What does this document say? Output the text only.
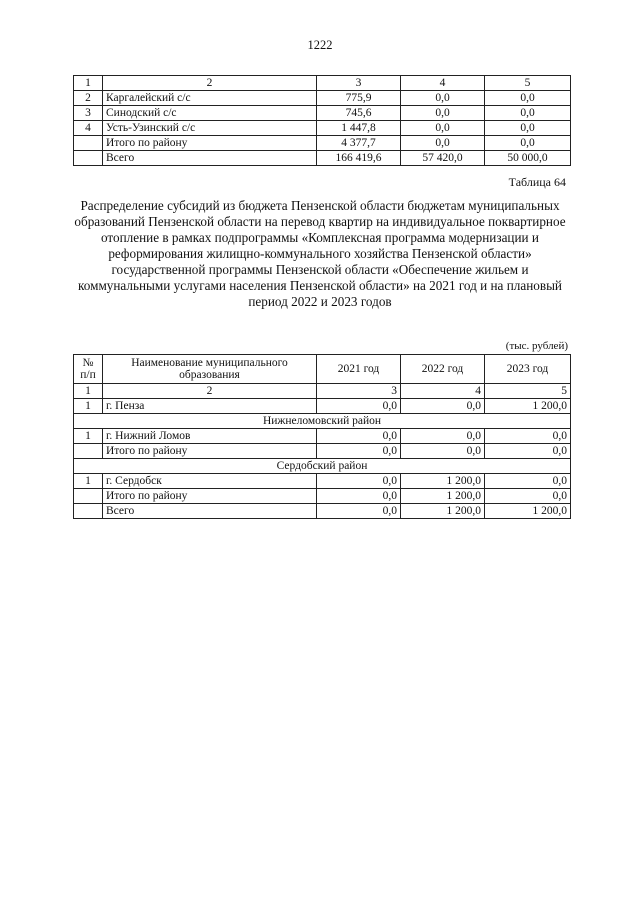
1222
1	2	3	4	5
2	Каргалейский с/с	775,9	0,0	0,0
3	Синодский с/с	745,6	0,0	0,0
4	Усть-Узинский с/с	1 447,8	0,0	0,0
	Итого по району	4 377,7	0,0	0,0
	Всего	166 419,6	57 420,0	50 000,0
Таблица 64

Распределение субсидий из бюджета Пензенской области бюджетам муниципальных образований Пензенской области на перевод квартир на индивидуальное поквартирное отопление в рамках подпрограммы «Комплексная программа модернизации и реформирования жилищно-коммунального хозяйства Пензенской области» государственной программы Пензенской области «Обеспечение жильем и коммунальными услугами населения Пензенской области» на 2021 год и на плановый период 2022 и 2023 годов

(тыс. рублей)
№ п/п	Наименование муниципального образования	2021 год	2022 год	2023 год
1	2	3	4	5
1	г. Пенза	0,0	0,0	1 200,0
Нижнеломовский район				
1	г. Нижний Ломов	0,0	0,0	0,0
	Итого по району	0,0	0,0	0,0
Сердобский район				
1	г. Сердобск	0,0	1 200,0	0,0
	Итого по району	0,0	1 200,0	0,0
	Всего	0,0	1 200,0	1 200,0
